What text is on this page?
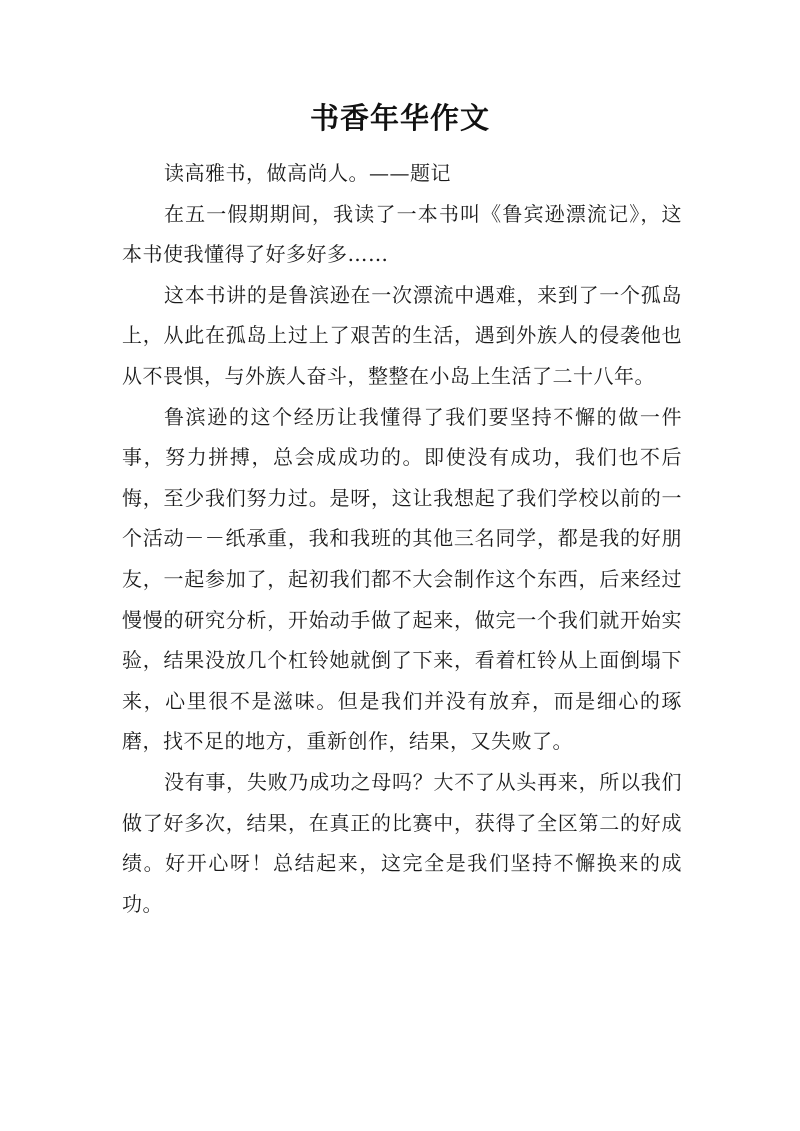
书香年华作文

读高雅书，做高尚人。——题记

在五一假期期间，我读了一本书叫《鲁宾逊漂流记》，这本书使我懂得了好多好多……

这本书讲的是鲁滨逊在一次漂流中遇难，来到了一个孤岛上，从此在孤岛上过上了艰苦的生活，遇到外族人的侵袭他也从不畏惧，与外族人奋斗，整整在小岛上生活了二十八年。

鲁滨逊的这个经历让我懂得了我们要坚持不懈的做一件事，努力拼搏，总会成成功的。即使没有成功，我们也不后悔，至少我们努力过。是呀，这让我想起了我们学校以前的一个活动－－纸承重，我和我班的其他三名同学，都是我的好朋友，一起参加了，起初我们都不大会制作这个东西，后来经过慢慢的研究分析，开始动手做了起来，做完一个我们就开始实验，结果没放几个杠铃她就倒了下来，看着杠铃从上面倒塌下来，心里很不是滋味。但是我们并没有放弃，而是细心的琢磨，找不足的地方，重新创作，结果，又失败了。

没有事，失败乃成功之母吗？大不了从头再来，所以我们做了好多次，结果，在真正的比赛中，获得了全区第二的好成绩。好开心呀！总结起来，这完全是我们坚持不懈换来的成功。
